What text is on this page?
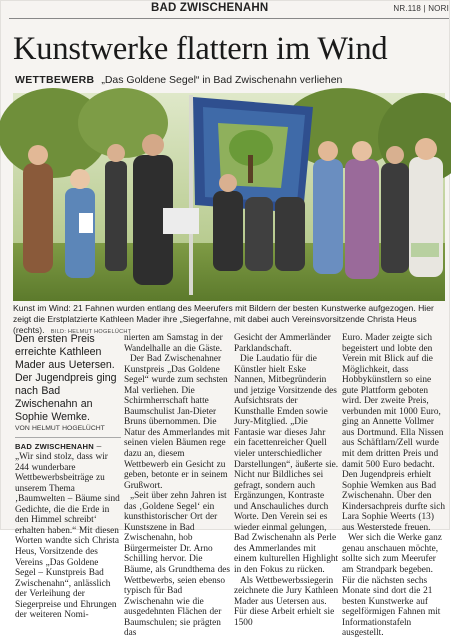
BAD ZWISCHENAHN	NR.118 | NORI
Kunstwerke flattern im Wind
WETTBEWERB „Das Goldene Segel“ in Bad Zwischenahn verliehen
Kunst im Wind: 21 Fahnen wurden entlang des Meerufers mit Bildern der besten Kunstwerke aufgezogen. Hier zeigt die Erstplatzierte Kathleen Mader ihre „Siegerfahne, mit dabei auch Vereinsvorsitzende Christa Heus (rechts). BILD: HELMUT HOGELÜCHT

Den ersten Preis erreichte Kathleen Mader aus Uetersen. Der Jugendpreis ging nach Bad Zwischenahn an Sophie Wemke.

VON HELMUT HOGELÜCHT

BAD ZWISCHENAHN – „Wir sind stolz, dass wir 244 wunderbare Wettbewerbsbeiträge zu unserem Thema ‚Baumwelten – Bäume sind Gedichte, die die Erde in den Himmel schreibt‘ erhalten haben.“ Mit diesen Worten wandte sich Christa Heus, Vorsitzende des Vereins „Das Goldene Segel – Kunstpreis Bad Zwischenahn“, anlässlich der Verleihung der Siegerpreise und Ehrungen der weiteren Nomi-

nierten am Samstag in der Wandelhalle an die Gäste.

Der Bad Zwischenahner Kunstpreis „Das Goldene Segel“ wurde zum sechsten Mal verliehen. Die Schirmherrschaft hatte Baumschulist Jan-Dieter Bruns übernommen. Die Natur des Ammerlandes mit seinen vielen Bäumen rege dazu an, diesem Wettbewerb ein Gesicht zu geben, betonte er in seinem Grußwort.

„Seit über zehn Jahren ist das ‚Goldene Segel‘ ein kunsthistorischer Ort der Kunstszene in Bad Zwischenahn, hob Bürgermeister Dr. Arno Schilling hervor. Die Bäume, als Grundthema des Wettbewerbs, seien ebenso typisch für Bad Zwischenahn wie die ausgedehnten Flächen der Baumschulen; sie prägten das

Gesicht der Ammerländer Parklandschaft.

Die Laudatio für die Künstler hielt Eske Nannen, Mitbegründerin und jetzige Vorsitzende des Aufsichtsrats der Kunsthalle Emden sowie Jury-Mitglied. „Die Fantasie war dieses Jahr ein facettenreicher Quell vieler unterschiedlicher Darstellungen“, äußerte sie. Nicht nur Bildliches sei gefragt, sondern auch Ergänzungen, Kontraste und Anschauliches durch Worte. Den Verein sei es wieder einmal gelungen, Bad Zwischenahn als Perle des Ammerlandes mit einem kulturellen Highlight in den Fokus zu rücken.

Als Wettbewerbssiegerin zeichnete die Jury Kathleen Mader aus Uetersen aus. Für diese Arbeit erhielt sie 1500

Euro. Mader zeigte sich begeistert und lobte den Verein mit Blick auf die Möglichkeit, dass Hobbykünstlern so eine gute Plattform geboten wird. Der zweite Preis, verbunden mit 1000 Euro, ging an Annette Vollmer aus Dortmund. Ella Nissen aus Schäftlarn/Zell wurde mit dem dritten Preis und damit 500 Euro bedacht. Den Jugendpreis erhielt Sophie Wemken aus Bad Zwischenahn. Über den Kindersachpreis durfte sich Lara Sophie Weerts (13) aus Westerstede freuen.

Wer sich die Werke ganz genau anschauen möchte, sollte sich zum Meerufer am Strandpark begeben. Für die nächsten sechs Monate sind dort die 21 besten Kunstwerke auf segelförmigen Fahnen mit Informationstafeln ausgestellt.
